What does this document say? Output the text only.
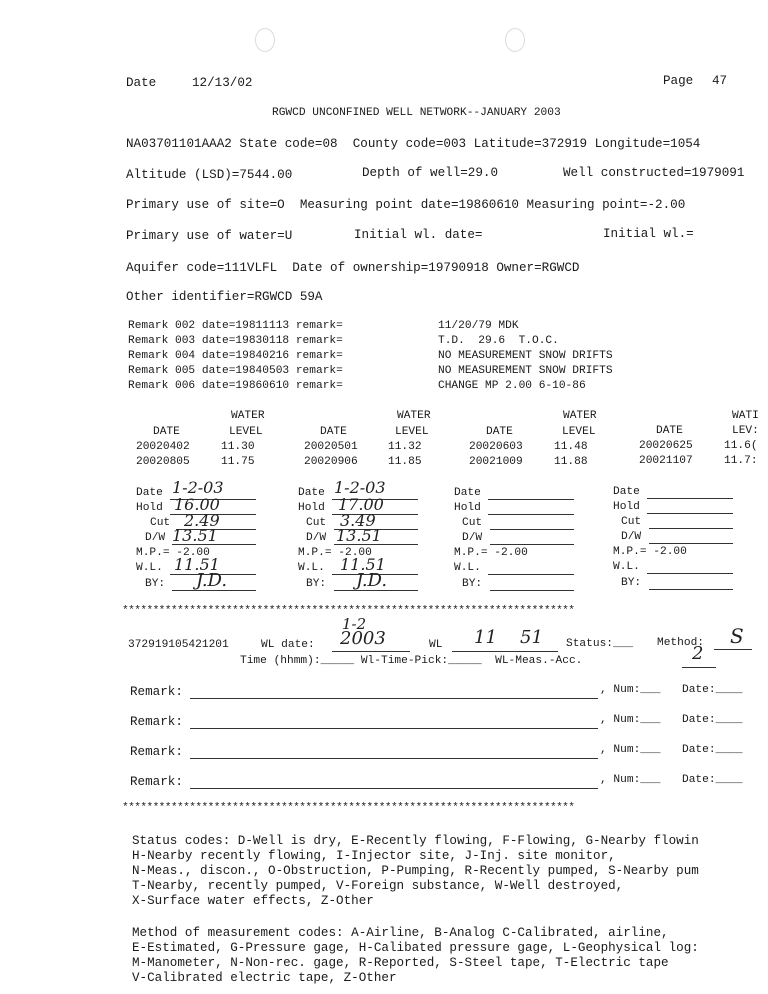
Date	12/13/02	Page 47
RGWCD UNCONFINED WELL NETWORK--JANUARY 2003
NA03701101AAA2 State code=08  County code=003 Latitude=372919 Longitude=1054
Altitude (LSD)=7544.00	Depth of well=29.0	Well constructed=1979091
Primary use of site=O  Measuring point date=19860610 Measuring point=-2.00
Primary use of water=U	Initial wl. date=	Initial wl.=
Aquifer code=111VLFL  Date of ownership=19790918 Owner=RGWCD
Other identifier=RGWCD 59A
Remark 002 date=19811113 remark=	11/20/79 MDK
Remark 003 date=19830118 remark=	T.D.  29.6  T.O.C.
Remark 004 date=19840216 remark=	NO MEASUREMENT SNOW DRIFTS
Remark 005 date=19840503 remark=	NO MEASUREMENT SNOW DRIFTS
Remark 006 date=19860610 remark=	CHANGE MP 2.00 6-10-86
WATER	WATER	WATER	WATI
DATE	LEVEL	DATE	LEVEL	DATE	LEVEL	DATE	LEV:
20020402	11.30	20020501	11.32	20020603	11.48	20020625	11.6(
20020805	11.75	20020906	11.85	20021009	11.88	20021107	11.7:
Date 1-2-03
Hold 16.00
Cut 2.49
D/W 13.51
M.P.= -2.00
W.L. 11.51
BY: J.D.
Date 1-2-03
Hold 17.00
Cut 3.49
D/W 13.51
M.P.= -2.00
W.L. 11.51
BY: J.D.
Date
Hold
Cut
D/W
M.P.= -2.00
W.L.
BY:
Date
Hold
Cut
D/W
M.P.= -2.00
W.L.
BY:
**************************************************************************
1-2
372919105421201	WL date: 2003	WL 11 51 Status:___ Method: S
Time (hhmm):_____ Wl-Time-Pick:_____  WL-Meas.-Acc.	2
Remark:	, Num:___ Date:____
Remark:	, Num:___ Date:____
Remark:	, Num:___ Date:____
Remark:	, Num:___ Date:____
**************************************************************************
Status codes: D-Well is dry, E-Recently flowing, F-Flowing, G-Nearby flowin
H-Nearby recently flowing, I-Injector site, J-Inj. site monitor,
N-Meas., discon., O-Obstruction, P-Pumping, R-Recently pumped, S-Nearby pum
T-Nearby, recently pumped, V-Foreign substance, W-Well destroyed,
X-Surface water effects, Z-Other
Method of measurement codes: A-Airline, B-Analog C-Calibrated, airline,
E-Estimated, G-Pressure gage, H-Calibated pressure gage, L-Geophysical log:
M-Manometer, N-Non-rec. gage, R-Reported, S-Steel tape, T-Electric tape
V-Calibrated electric tape, Z-Other
